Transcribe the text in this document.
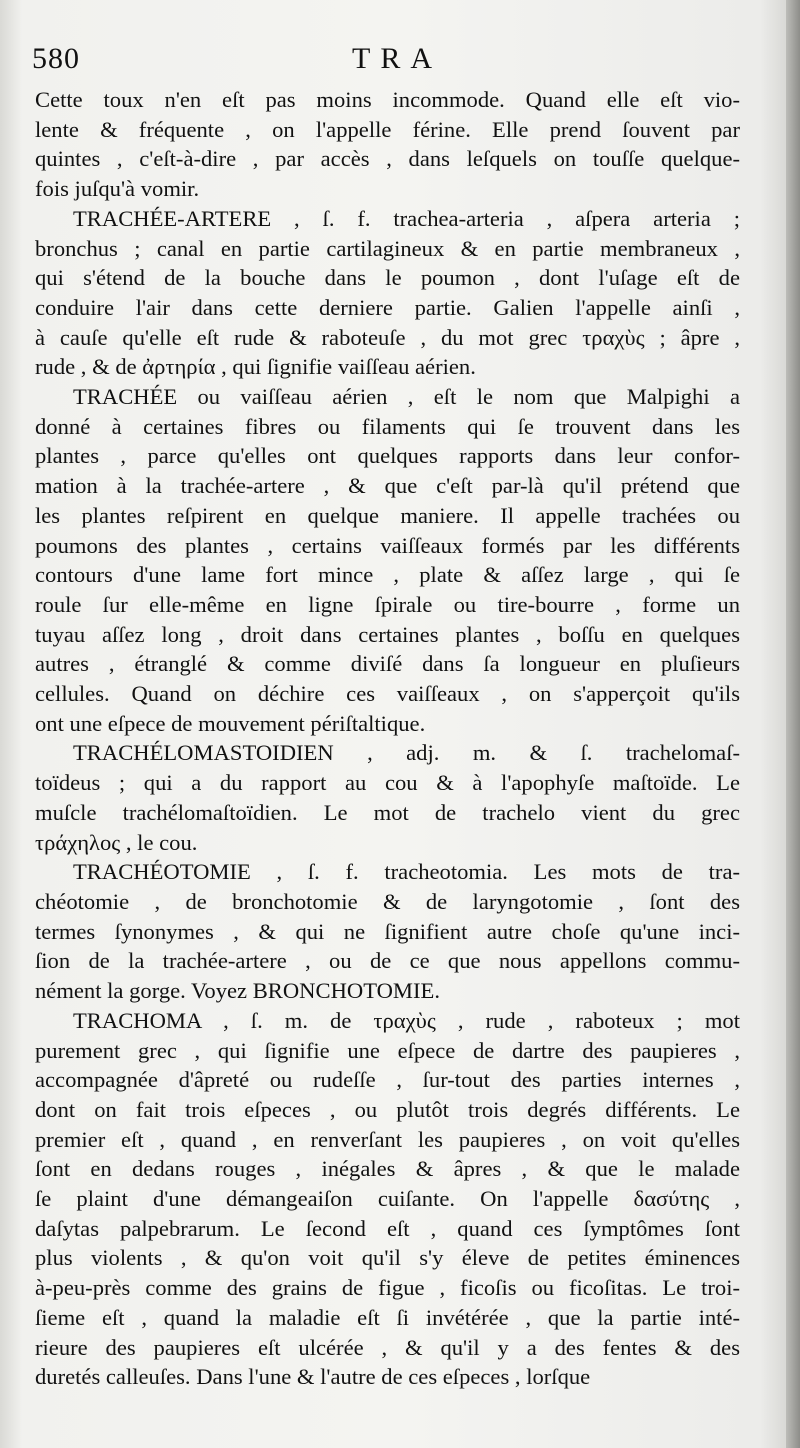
580	TRA
Cette toux n'en eſt pas moins incommode. Quand elle eſt vio-
lente & fréquente , on l'appelle férine. Elle prend ſouvent par
quintes , c'eſt-à-dire , par accès , dans leſquels on touſſe quelque-
fois juſqu'à vomir.
TRACHÉE-ARTERE , ſ. f. trachea-arteria , aſpera arteria ;
bronchus ; canal en partie cartilagineux & en partie membraneux ,
qui s'étend de la bouche dans le poumon , dont l'uſage eſt de
conduire l'air dans cette derniere partie. Galien l'appelle ainſi ,
à cauſe qu'elle eſt rude & raboteuſe , du mot grec τραχὺς ; âpre ,
rude , & de ἀρτηρία , qui ſignifie vaiſſeau aérien.
TRACHÉE ou vaiſſeau aérien , eſt le nom que Malpighi a
donné à certaines fibres ou filaments qui ſe trouvent dans les
plantes , parce qu'elles ont quelques rapports dans leur confor-
mation à la trachée-artere , & que c'eſt par-là qu'il prétend que
les plantes reſpirent en quelque maniere. Il appelle trachées ou
poumons des plantes , certains vaiſſeaux formés par les différents
contours d'une lame fort mince , plate & aſſez large , qui ſe
roule ſur elle-même en ligne ſpirale ou tire-bourre , forme un
tuyau aſſez long , droit dans certaines plantes , boſſu en quelques
autres , étranglé & comme diviſé dans ſa longueur en pluſieurs
cellules. Quand on déchire ces vaiſſeaux , on s'apperçoit qu'ils
ont une eſpece de mouvement périſtaltique.
TRACHÉLOMASTOIDIEN , adj. m. & ſ. trachelomaſ-
toïdeus ; qui a du rapport au cou & à l'apophyſe maſtoïde. Le
muſcle trachélomaſtoïdien. Le mot de trachelo vient du grec
τράχηλος , le cou.
TRACHÉOTOMIE , ſ. f. tracheotomia. Les mots de tra-
chéotomie , de bronchotomie & de laryngotomie , ſont des
termes ſynonymes , & qui ne ſignifient autre choſe qu'une inci-
ſion de la trachée-artere , ou de ce que nous appellons commu-
nément la gorge. Voyez BRONCHOTOMIE.
TRACHOMA , ſ. m. de τραχὺς , rude , raboteux ; mot
purement grec , qui ſignifie une eſpece de dartre des paupieres ,
accompagnée d'âpreté ou rudeſſe , ſur-tout des parties internes ,
dont on fait trois eſpeces , ou plutôt trois degrés différents. Le
premier eſt , quand , en renverſant les paupieres , on voit qu'elles
ſont en dedans rouges , inégales & âpres , & que le malade
ſe plaint d'une démangeaiſon cuiſante. On l'appelle δασύτης ,
daſytas palpebrarum. Le ſecond eſt , quand ces ſymptômes ſont
plus violents , & qu'on voit qu'il s'y éleve de petites éminences
à-peu-près comme des grains de figue , ficoſis ou ficoſitas. Le troi-
ſieme eſt , quand la maladie eſt ſi invétérée , que la partie inté-
rieure des paupieres eſt ulcérée , & qu'il y a des fentes & des
duretés calleuſes. Dans l'une & l'autre de ces eſpeces , lorſque
